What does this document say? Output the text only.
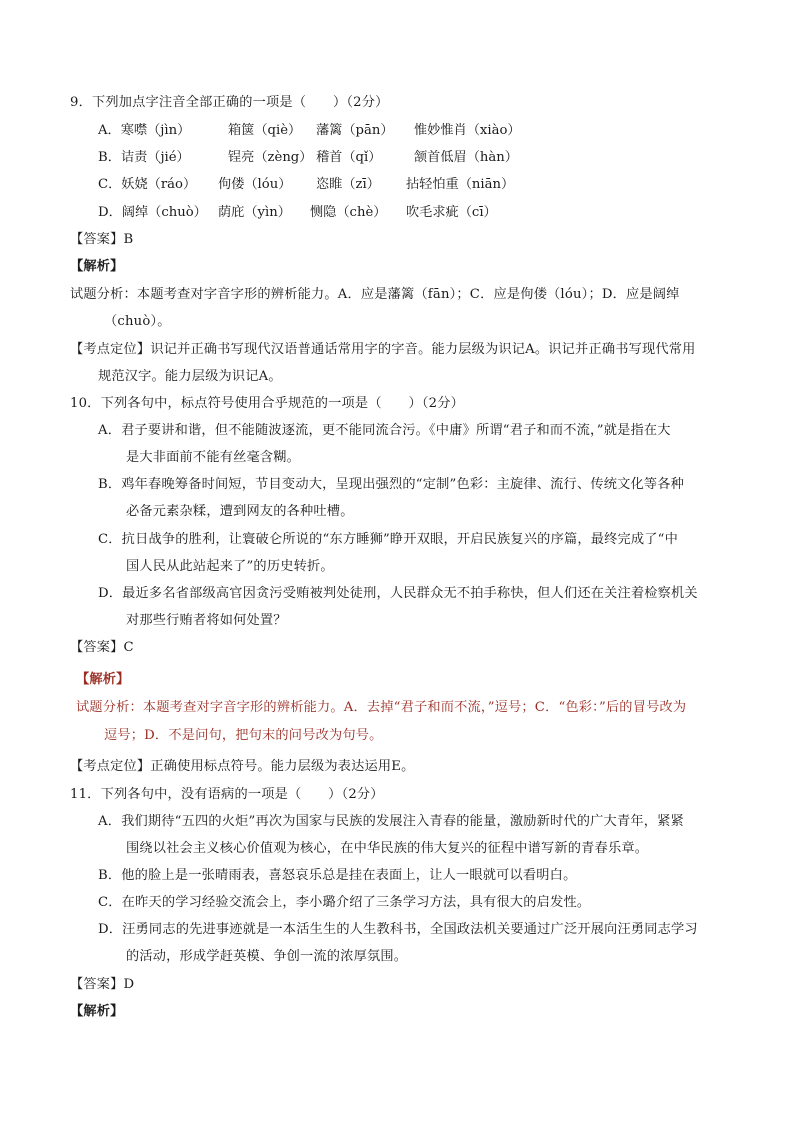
9．下列加点字注音全部正确的一项是（　　）（2分）
A．寒噤（jìn）	箱箧（qiè） 藩篱（pān） 惟妙惟肖（xiào）
B．诘责（jié）	锃亮（zèng） 稽首（qǐ） 颔首低眉（hàn）
C．妖娆（ráo） 佝偻（lóu） 恣睢（zī） 拈轻怕重（niān）
D．阔绰（chuò） 荫庇（yìn） 恻隐（chè） 吹毛求疵（cī）
【答案】B
【解析】
试题分析：本题考查对字音字形的辨析能力。A．应是藩篱（fān）；C．应是佝偻（lóu）；D．应是阔绰
（chuò）。
【考点定位】识记并正确书写现代汉语普通话常用字的字音。能力层级为识记A。识记并正确书写现代常用
规范汉字。能力层级为识记A。
10．下列各句中，标点符号使用合乎规范的一项是（　　）（2分）
A．君子要讲和谐，但不能随波逐流，更不能同流合污。《中庸》所谓“君子和而不流，”就是指在大
是大非面前不能有丝毫含糊。
B．鸡年春晚筹备时间短，节目变动大，呈现出强烈的“定制”色彩：主旋律、流行、传统文化等各种
必备元素杂糅，遭到网友的各种吐槽。
C．抗日战争的胜利，让寰破仑所说的“东方睡狮”睁开双眼，开启民族复兴的序篇，最终完成了“中
国人民从此站起来了”的历史转折。
D．最近多名省部级高官因贪污受贿被判处徒刑，人民群众无不拍手称快，但人们还在关注着检察机关
对那些行贿者将如何处置？
【答案】C
【解析】
试题分析：本题考查对字音字形的辨析能力。A．去掉“君子和而不流，”逗号；C．“色彩：”后的冒号改为
逗号；D．不是问句，把句末的问号改为句号。
【考点定位】正确使用标点符号。能力层级为表达运用E。
11．下列各句中，没有语病的一项是（　　）（2分）
A．我们期待“五四的火炬”再次为国家与民族的发展注入青春的能量，激励新时代的广大青年，紧紧
围绕以社会主义核心价值观为核心，在中华民族的伟大复兴的征程中谱写新的青春乐章。
B．他的脸上是一张晴雨表，喜怒哀乐总是挂在表面上，让人一眼就可以看明白。
C．在昨天的学习经验交流会上，李小璐介绍了三条学习方法，具有很大的启发性。
D．汪勇同志的先进事迹就是一本活生生的人生教科书，全国政法机关要通过广泛开展向汪勇同志学习
的活动，形成学赶英模、争创一流的浓厚氛围。
【答案】D
【解析】
